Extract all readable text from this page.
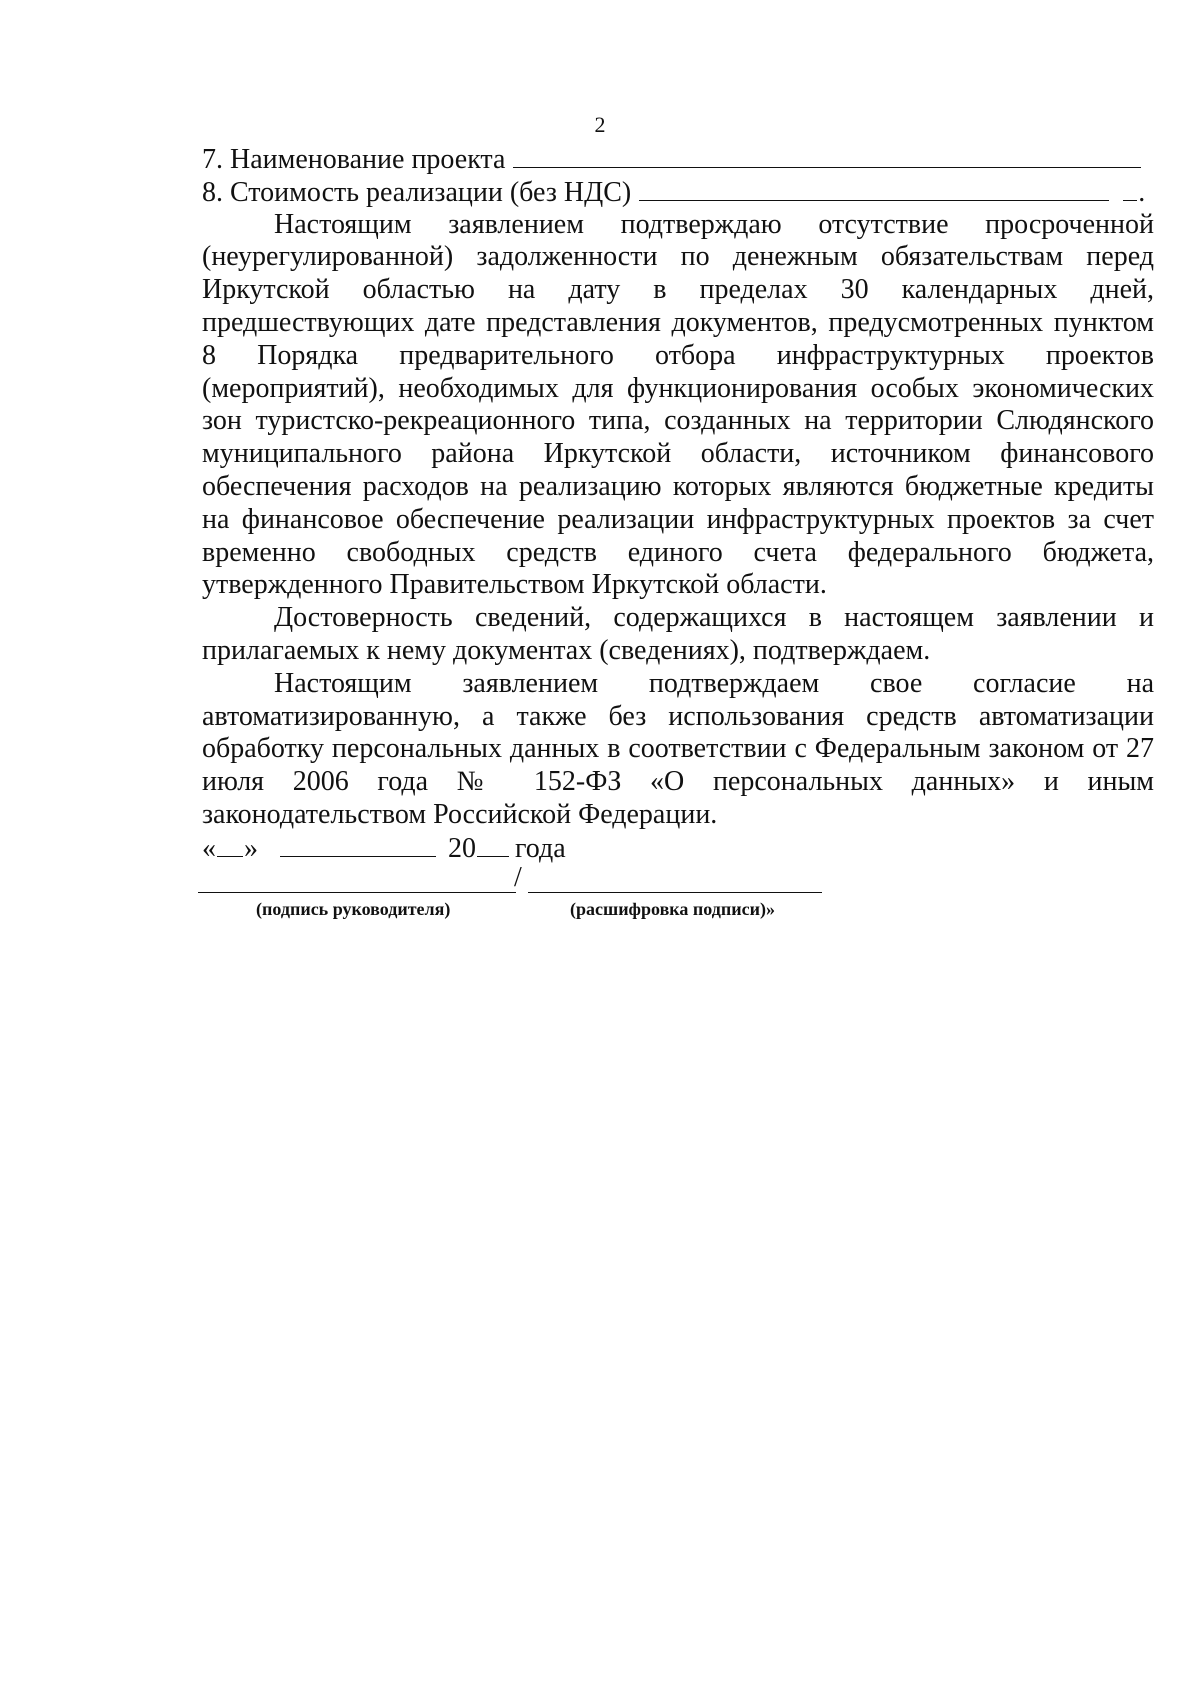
2
7. Наименование проекта
8. Стоимость реализации (без НДС)	.

Настоящим заявлением подтверждаю отсутствие просроченной (неурегулированной) задолженности по денежным обязательствам перед Иркутской областью на дату в пределах 30 календарных дней, предшествующих дате представления документов, предусмотренных пунктом 8 Порядка предварительного отбора инфраструктурных проектов (мероприятий), необходимых для функционирования особых экономических зон туристско-рекреационного типа, созданных на территории Слюдянского муниципального района Иркутской области, источником финансового обеспечения расходов на реализацию которых являются бюджетные кредиты на финансовое обеспечение реализации инфраструктурных проектов за счет временно свободных средств единого счета федерального бюджета, утвержденного Правительством Иркутской области.

Достоверность сведений, содержащихся в настоящем заявлении и прилагаемых к нему документах (сведениях), подтверждаем.

Настоящим заявлением подтверждаем свое согласие на автоматизированную, а также без использования средств автоматизации обработку персональных данных в соответствии с Федеральным законом от 27 июля 2006 года № 152-ФЗ «О персональных данных» и иным законодательством Российской Федерации.

« »	20 года
/
(подпись руководителя)	(расшифровка подписи)»
